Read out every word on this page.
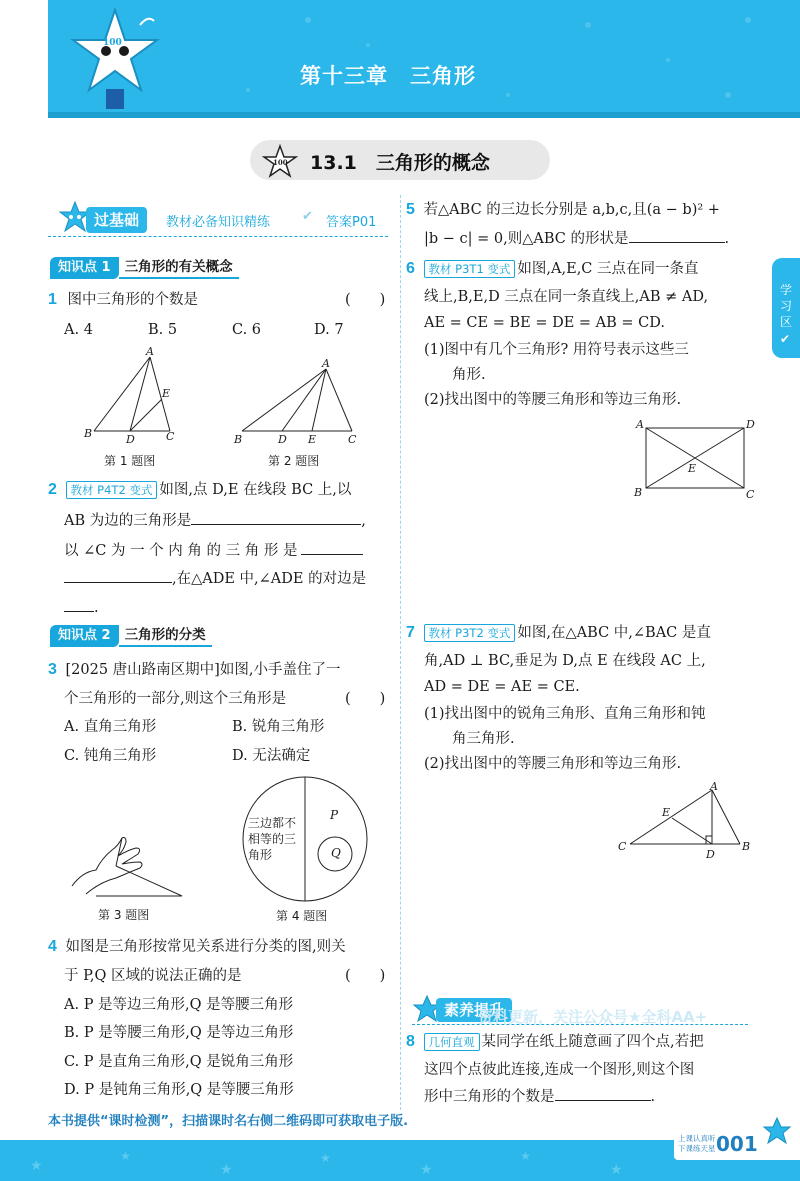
100
第十三章　三角形
100 13.1　三角形的概念
过基础	教材必备知识精练 ✔ 答案P01
知识点 1	三角形的有关概念
1 图中三角形的个数是	(　　)
A. 4	B. 5	C. 6	D. 7
A
B	D	C
E
第 1 题图
A
B	D E	C
第 2 题图
2 教材 P4T2 变式 如图,点 D,E 在线段 BC 上,以
AB 为边的三角形是	,
以 ∠C 为 一 个 内 角 的 三 角 形 是
,在△ADE 中,∠ADE 的对边是
.
知识点 2	三角形的分类
3 [2025 唐山路南区期中]如图,小手盖住了一
个三角形的一部分,则这个三角形是	(　　)
A. 直角三角形	B. 锐角三角形
C. 钝角三角形	D. 无法确定
第 3 题图
三边都不
相等的三
角形
P
Q
第 4 题图
4 如图是三角形按常见关系进行分类的图,则关
于 P,Q 区域的说法正确的是	(　　)
A. P 是等边三角形,Q 是等腰三角形
B. P 是等腰三角形,Q 是等边三角形
C. P 是直角三角形,Q 是锐角三角形
D. P 是钝角三角形,Q 是等腰三角形
5 若△ABC 的三边长分别是 a,b,c,且(a − b)² +
|b − c| = 0,则△ABC 的形状是	.
6 教材 P3T1 变式 如图,A,E,C 三点在同一条直
线上,B,E,D 三点在同一条直线上,AB ≠ AD,
AE = CE = BE = DE = AB = CD.
(1)图中有几个三角形? 用符号表示这些三
角形.
(2)找出图中的等腰三角形和等边三角形.
A	D
B	C
E
7 教材 P3T2 变式 如图,在△ABC 中,∠BAC 是直
角,AD ⊥ BC,垂足为 D,点 E 在线段 AC 上,
AD = DE = AE = CE.
(1)找出图中的锐角三角形、直角三角形和钝
角三角形.
(2)找出图中的等腰三角形和等边三角形.
A
E
C
D
B
素养提升
资料更新，关注公众号★全科AA+
8 几何直观 某同学在纸上随意画了四个点,若把
这四个点彼此连接,连成一个图形,则这个图
形中三角形的个数是	.
学习区
✔
本书提供“课时检测”，扫描课时名右侧二维码即可获取电子版.
★
★
★
★
★
★
★
上课认真听
下课练天星 001
